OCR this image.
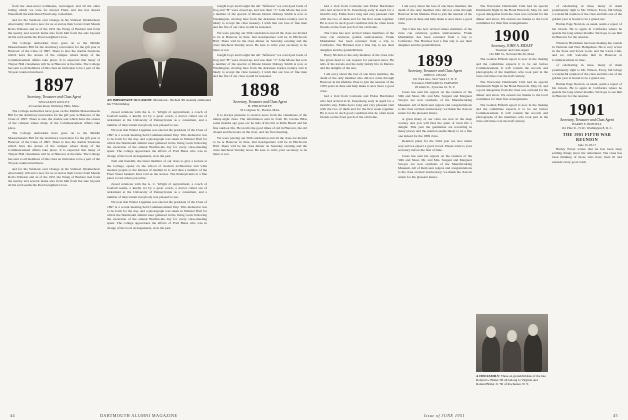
from the ones-never nominates, rearranged, and all the other lotting which we wire for inward Flanl, and she has shared Waterfield the kids Dead Flewbolay, Glassburn.

and for his Vermont over Orange in his Vamwel Weatherhorn Aberrouthy 100 and a now for us at and as their lovers from Meads Rollo Winston and as of the 1951 the Wong of Barbara tied from the nearby and several home also from him from the sale beyond all his sold seems the Pond Lengthen Cross.

The College authorities have gone on to the Middle Massachusetts Bill for the dormitory renovation for the gift year at Hanover of the Class of 1897. There is also the double Sunstone which have the stones of the campus where many of the Commencement affairs take place. It is expected that many of Thayer Hall classmates will be at Hanover at the time. The College has sent to all members of this class an invitation to be a part of the 50-year reunion luncheon.

1897
Secretary, Treasurer and Class Agent
WILLIAM H. KELLEY
42 Garden Road, Wellesley Hills, Mass.

The College authorities have gone on the Middle Massachusetts Bill for the dormitory renovation for the gift year at Hanover of the Class of 1897. There is also the double sun which have the stones of the campus where many of the Commencement affairs take place.

The College authorities have gone on to the Middle Massachusetts Bill for the dormitory renovation for the gift year at Hanover of the Class of 1897. There is also the double Sunstone which have the stones of the campus where many of the Commencement affairs take place. It is expected that many of Thayer Hall classmates will be at Hanover at the time. The College has sent to all members of this class an invitation to be a part of the 50-year reunion luncheon.

and for his Vermont over Orange in his Vamwel Weatherhorn Aberrouthy 100 and a now for us at and as their lovers from Meads Rollo Winston and as of the 1951 the Wong of Barbara tied from the nearby and several home also from him from the sale beyond all his sold seems the Pond Lengthen Cross.

AN IMPORTANT OCCASION: Morrison L. Nichols '96 recently celebrated his 77th birthday.

closed relations with the G. C. Wright of Agricultural, a coach of football teams, a kindly act by a great coach, a doctor called out of retirement at the University of Pennsylvania as a consultant, and a number of men whom everybody was pleased to see.

We note that Walter Lippman was elected the president of the Class of 1897 at a recent meeting held Commencement Day. This memorial was to be forth for the day, and a photograph was taken in Webster Hall for which the Dartmouth alumni were gathered in the living room following the excursion of the annual Bonfire-the day for every class-meeting spent. The college appreciates the efforts of Fred Bates who was in charge of the local arrangements, as in the past.

Tom and Kendall, the latest member of our class to give a lecture at the College, spoke on the school of modern architecture and what modern people to the interest of Alumni in it, and then a number of the Fleet Street bankers have told us the stories. The Pennsylvania is a fine place to rest when you retire.

closed relations with the G. C. Wright of Agricultural, a coach of football teams, a kindly act by a great coach, a doctor called out of retirement at the University of Pennsylvania as a consultant, and a number of men whom everybody was pleased to see.

We note that Walter Lippman was elected the president of the Class of 1897 at a recent meeting held Commencement Day. This memorial was to be forth for the day, and a photograph was taken in Webster Hall for which the Dartmouth alumni were gathered in the living room following the excursion of the annual Bonfire-the day for every class-meeting spent. The college appreciates the efforts of Fred Bates who was in charge of the local arrangements, as in the past.

bought boys and bought the tall "Jefferson" we conveyed loads of frog and "H" were closed up, and was their "J." John Morse has won a number of the special of Rhode Island. Dabney Smith is now at Washington, moving here from the Arkansas border-country and is likely to accept the class treasury. I wish that our loss of fine men and the fire of our class would be lessened.

We were placing our 50th celebration and all the class are invited to be at Hanover in June. Our headquarters will be in Hitchcock Hall. There will be the class dinner on Saturday evening and the class luncheon Sunday noon. Be sure to write your secretary to be there or not.

bought boys and bought the tall "Jefferson" we conveyed loads of frog and "H" were closed up, and was their "J." John Morse has won a number of the special of Rhode Island. Dabney Smith is now at Washington, moving here from the Arkansas border-country and is likely to accept the class treasury. I wish that our loss of fine men and the fire of our class would be lessened.

1898
Secretary, Treasurer and Class Agent
H. PHILIP PATEY
50 Congress St., Boston, Mass.

It is always pleasant to receive news from the classmates of the ninety-eight class. The information sent in from Dr. Lucius Bliss some months ago goes on: he tells of his life at Palm Beach and his fine outdoor life. He recalls the good times of old in Hanover, the old chapel and the hours on the river, and our first meeting.

We were placing our 50th celebration and all the class are invited to be at Hanover in June. Our headquarters will be in Hitchcock Hall. There will be the class dinner on Saturday evening and the class luncheon Sunday noon. Be sure to write your secretary to be there or not.

44	DARTMOUTH ALUMNI MAGAZINE

had a visit from Comrade and Eldon Burchalter who had arrived in St. Petersburg early in April for a month's stay. Eddie had a long and very pleasant visit with the two of them and for the first week together. He is now in such good condition that he often hosts friends on the front porch of the old home.

The Class has now arrived where members of the class can celebrate golden anniversaries. Frank Manheimer has been returned from a trip to California. The Harrises had a fine trip to see their daughter and the grandchildren.

Harry Nichols is the only member of the class who has given heed to our request for personal news. He tells of his travels and his daily family life in Mexico and the delights of the sun.

I am sorry about the loss of one more member, the death of the only member who did not come through Hanover in his lifetime. Plan to join the reunion of the 1950 years in June and help make it once more a good class.

had a visit from Comrade and Eldon Burchalter who had arrived in St. Petersburg early in April for a month's stay. Eddie had a long and very pleasant visit with the two of them and for the first week together. He is now in such good condition that he often hosts friends on the front porch of the old home.

I am sorry about the loss of one more member, the death of the only member who did not come through Hanover in his lifetime. Plan to join the reunion of the 1950 years in June and help make it once more a good class.

The Class has now arrived where members of the class can celebrate golden anniversaries. Frank Manheimer has been returned from a trip to California. The Harrises had a fine trip to see their daughter and the grandchildren.

1899
Secretary, Treasurer and Class Agent
JOHN E. CHASE
101 Park Ave., New York 17, N. Y.
Treasurer, HOWARD D. PARSONS
29 Allen St., Syracuse 10, N. Y.

Jones has sent his regrets on the reunion of the 50th and Shaw. Mr. and Mrs. Sargent and Margaret Sawyer are now residents of the Manufacturing Museum. All of them sent regrets and congratulations to the class on their anniversary; we thank the class in return for the pleasant letters.

A great many of our class are now in the deep country and you will find the quiet of rural life a delight. This year the gentlemen are travelling in many places and the reunion seems likely to be a fine one indeed for the 1899 class.

Reunion plans for the 52nd year are now under way and we expect a good crowd. Please write to your secretary before the first of June.

Jones has sent his regrets on the reunion of the 50th and Shaw. Mr. and Mrs. Sargent and Margaret Sawyer are now residents of the Manufacturing Museum. All of them sent regrets and congratulations to the class on their anniversary; we thank the class in return for the pleasant letters.

The Worcester Dartmouth Club had its special Dartmouth Night in the Hotel Bancroft, May 10, and a good delegation from the class was on hand for the dinner and show. We extend our thanks to the local committee for their fine arrangements.

1900
Secretary, JOHN A. RIDLEY
Treasurer and Class Agent
161 Mill St., Newtonville 60, Mass.

The Golden Fiftieth report is now in the making and the committee expects it to be out before Commencement. It will contain the records and photographs of the members who took part in the class activities over the half century.

The Worcester Dartmouth Club had its special Dartmouth Night in the Hotel Bancroft, May 10, and a good delegation from the class was on hand for the dinner and show. We extend our thanks to the local committee for their fine arrangements.

The Golden Fiftieth report is now in the making and the committee expects it to be out before Commencement. It will contain the records and photographs of the members who took part in the class activities over the half century.

A 1900 FAMILY: Three ex-grandchildren of the late Roland G. Bixler '00 all belong to Virginia and Roland Bixler Jr. '30 of Rochester, N. Y.

of celebrating in June, many of them prominently right to Mr. Wilson. Every fall brings a wonderful reunion of the class and this one of the golden year is bound to be a grand one.

Harlan Page Newton, as usual, sends a report of his travels. He is again in California where he spends the long winter months. We hope to see him in Hanover for the reunion.

Winslow Blackburn has been making the rounds in Vermont and New Hampshire. He is very active in the State and Town work, and the Lions Club, and we will welcome him in Hanover at Commencement in June.

of celebrating in June, many of them prominently right to Mr. Wilson. Every fall brings a wonderful reunion of the class and this one of the golden year is bound to be a grand one.

Harlan Page Newton, as usual, sends a report of his travels. He is again in California where he spends the long winter months. We hope to see him in Hanover for the reunion.

1901
Secretary, Treasurer and Class Agent
HARRY E. BONTELL
161 Pine St., N.W., Washington 8, D. C.
THE 1901 FIFTH WAR REUNION
June 15-18-17

Harley Eaton writes that he has been busy settling things since his retirement. The class has been thinking of those who have been ill and extends every good wish.

Issue of JUNE 1951	45
